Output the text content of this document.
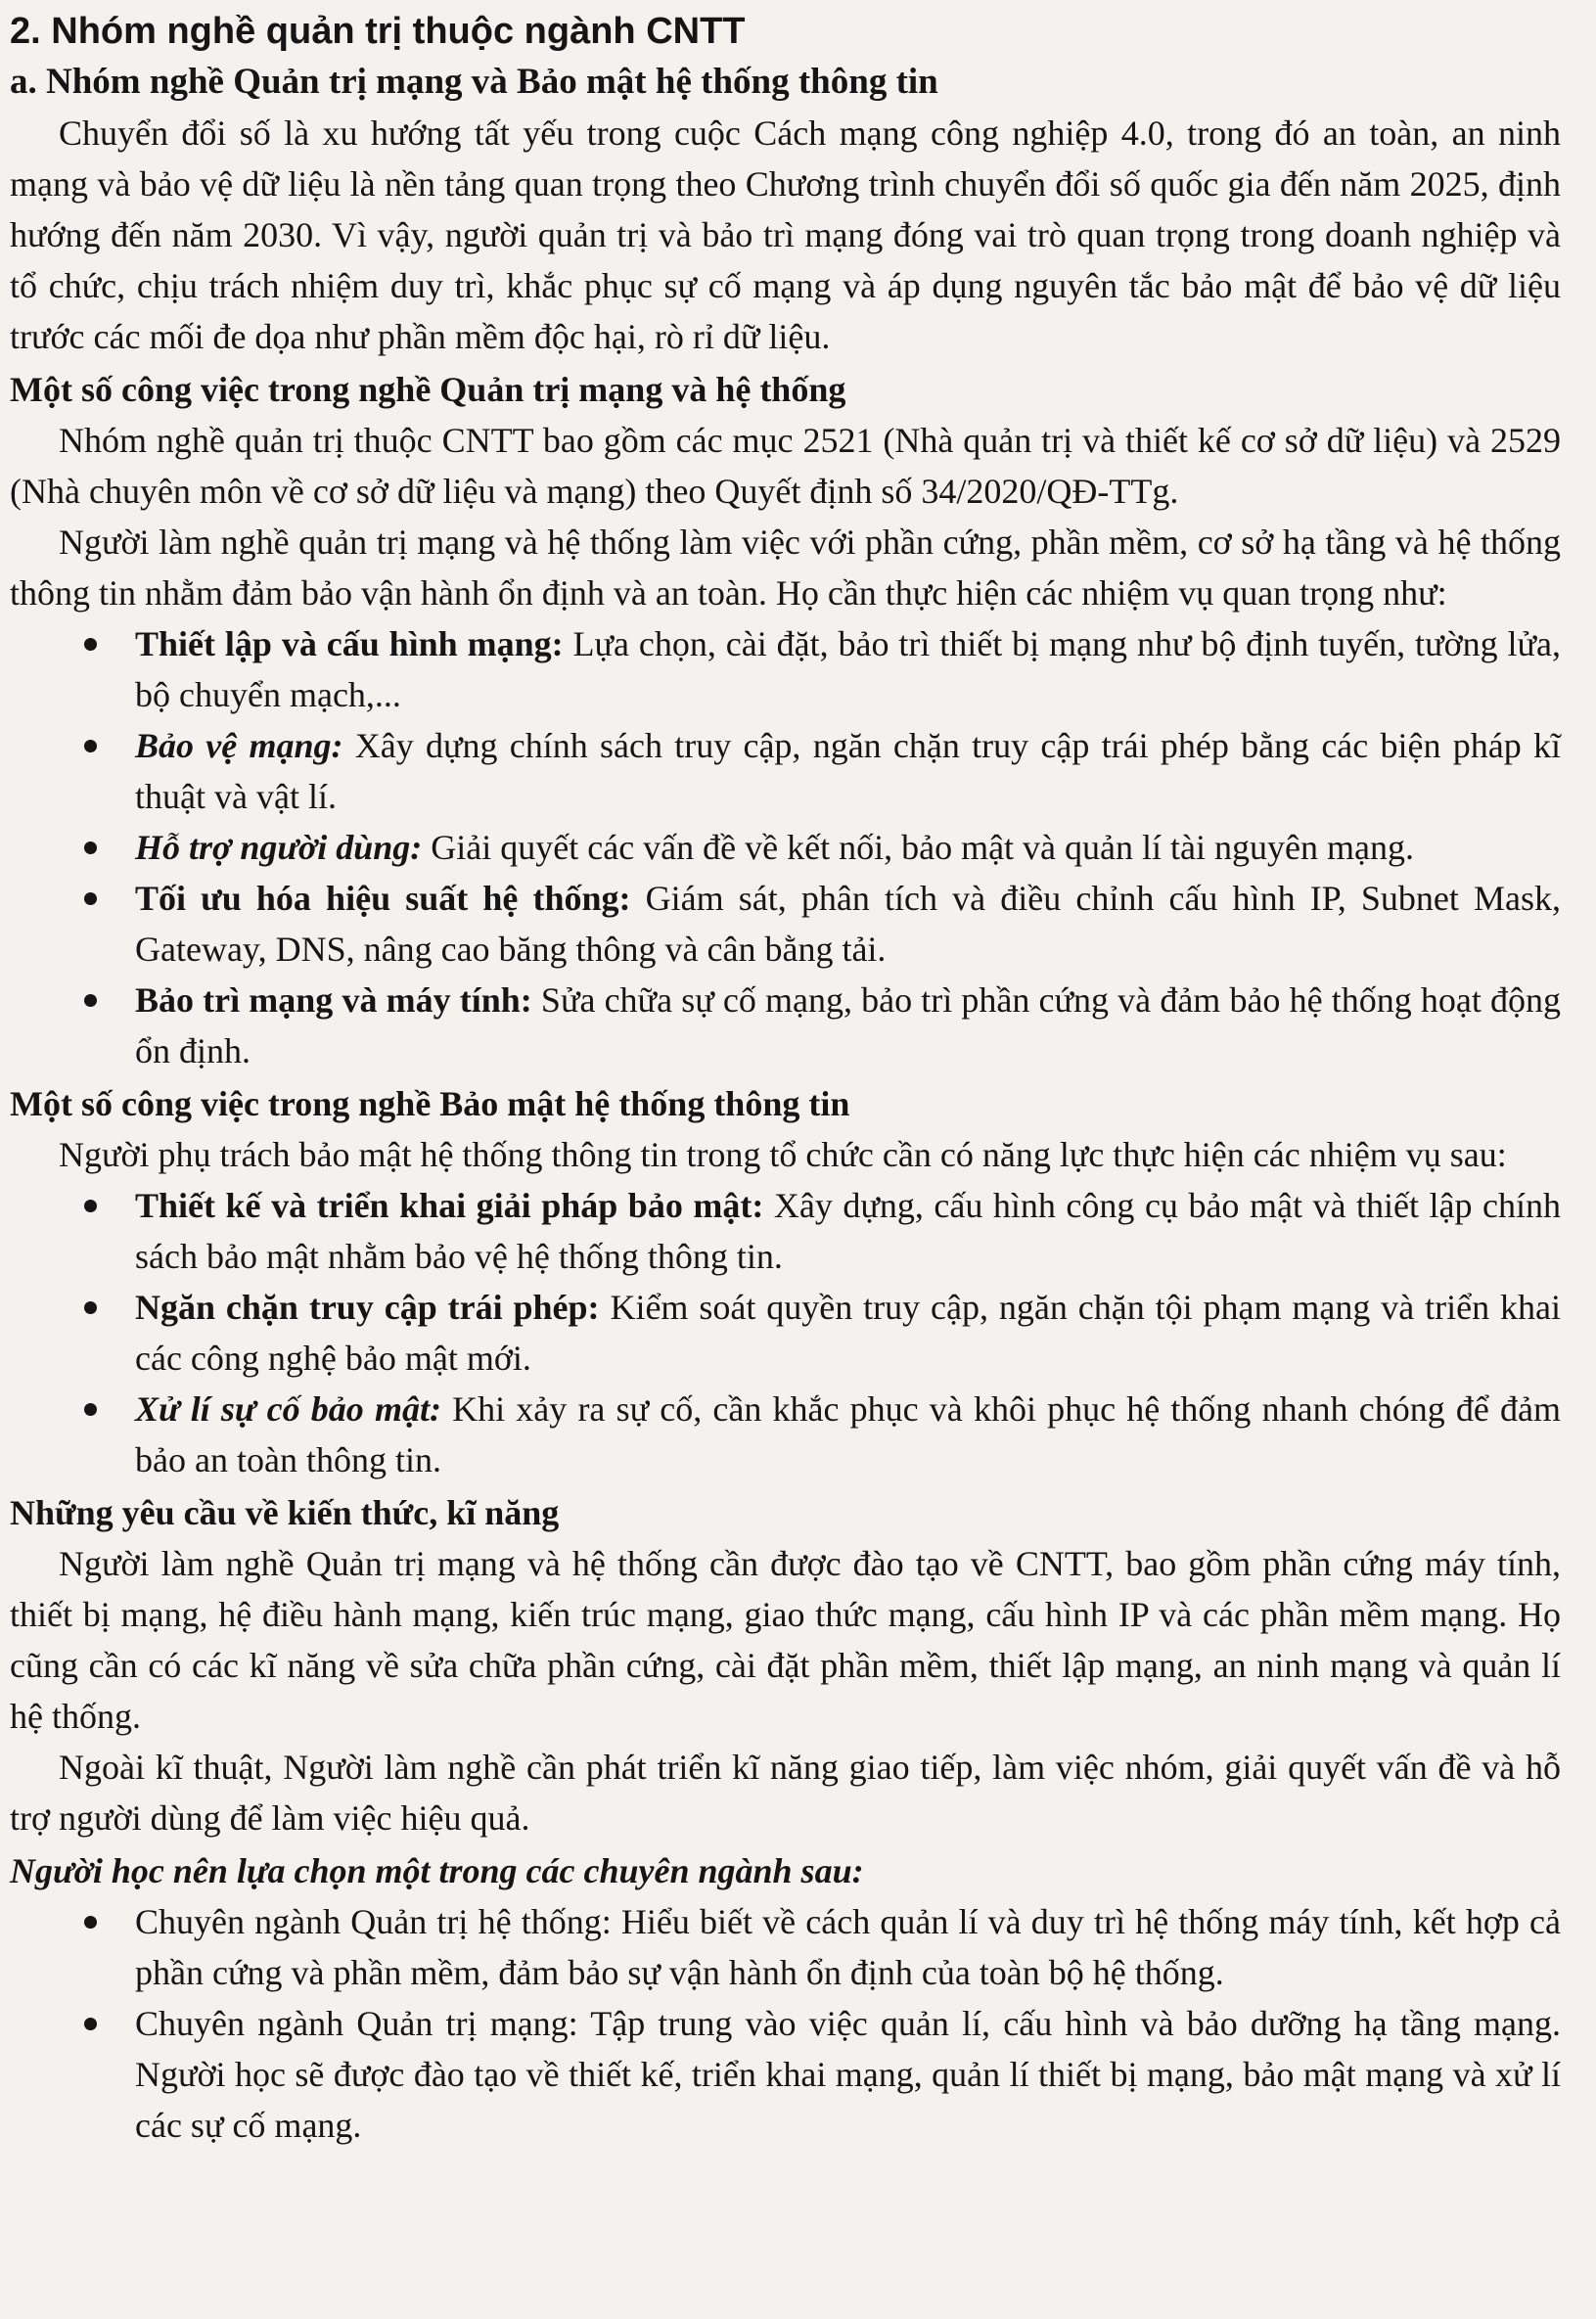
2. Nhóm nghề quản trị thuộc ngành CNTT
a. Nhóm nghề Quản trị mạng và Bảo mật hệ thống thông tin

Chuyển đổi số là xu hướng tất yếu trong cuộc Cách mạng công nghiệp 4.0, trong đó an toàn, an ninh mạng và bảo vệ dữ liệu là nền tảng quan trọng theo Chương trình chuyển đổi số quốc gia đến năm 2025, định hướng đến năm 2030. Vì vậy, người quản trị và bảo trì mạng đóng vai trò quan trọng trong doanh nghiệp và tổ chức, chịu trách nhiệm duy trì, khắc phục sự cố mạng và áp dụng nguyên tắc bảo mật để bảo vệ dữ liệu trước các mối đe dọa như phần mềm độc hại, rò rỉ dữ liệu.

Một số công việc trong nghề Quản trị mạng và hệ thống

Nhóm nghề quản trị thuộc CNTT bao gồm các mục 2521 (Nhà quản trị và thiết kế cơ sở dữ liệu) và 2529 (Nhà chuyên môn về cơ sở dữ liệu và mạng) theo Quyết định số 34/2020/QĐ-TTg.

Người làm nghề quản trị mạng và hệ thống làm việc với phần cứng, phần mềm, cơ sở hạ tầng và hệ thống thông tin nhằm đảm bảo vận hành ổn định và an toàn. Họ cần thực hiện các nhiệm vụ quan trọng như:

Thiết lập và cấu hình mạng: Lựa chọn, cài đặt, bảo trì thiết bị mạng như bộ định tuyến, tường lửa, bộ chuyển mạch,...
Bảo vệ mạng: Xây dựng chính sách truy cập, ngăn chặn truy cập trái phép bằng các biện pháp kĩ thuật và vật lí.
Hỗ trợ người dùng: Giải quyết các vấn đề về kết nối, bảo mật và quản lí tài nguyên mạng.
Tối ưu hóa hiệu suất hệ thống: Giám sát, phân tích và điều chỉnh cấu hình IP, Subnet Mask, Gateway, DNS, nâng cao băng thông và cân bằng tải.
Bảo trì mạng và máy tính: Sửa chữa sự cố mạng, bảo trì phần cứng và đảm bảo hệ thống hoạt động ổn định.
Một số công việc trong nghề Bảo mật hệ thống thông tin

Người phụ trách bảo mật hệ thống thông tin trong tổ chức cần có năng lực thực hiện các nhiệm vụ sau:

Thiết kế và triển khai giải pháp bảo mật: Xây dựng, cấu hình công cụ bảo mật và thiết lập chính sách bảo mật nhằm bảo vệ hệ thống thông tin.
Ngăn chặn truy cập trái phép: Kiểm soát quyền truy cập, ngăn chặn tội phạm mạng và triển khai các công nghệ bảo mật mới.
Xử lí sự cố bảo mật: Khi xảy ra sự cố, cần khắc phục và khôi phục hệ thống nhanh chóng để đảm bảo an toàn thông tin.
Những yêu cầu về kiến thức, kĩ năng

Người làm nghề Quản trị mạng và hệ thống cần được đào tạo về CNTT, bao gồm phần cứng máy tính, thiết bị mạng, hệ điều hành mạng, kiến trúc mạng, giao thức mạng, cấu hình IP và các phần mềm mạng. Họ cũng cần có các kĩ năng về sửa chữa phần cứng, cài đặt phần mềm, thiết lập mạng, an ninh mạng và quản lí hệ thống.

Ngoài kĩ thuật, Người làm nghề cần phát triển kĩ năng giao tiếp, làm việc nhóm, giải quyết vấn đề và hỗ trợ người dùng để làm việc hiệu quả.

Người học nên lựa chọn một trong các chuyên ngành sau:
Chuyên ngành Quản trị hệ thống: Hiểu biết về cách quản lí và duy trì hệ thống máy tính, kết hợp cả phần cứng và phần mềm, đảm bảo sự vận hành ổn định của toàn bộ hệ thống.
Chuyên ngành Quản trị mạng: Tập trung vào việc quản lí, cấu hình và bảo dưỡng hạ tầng mạng. Người học sẽ được đào tạo về thiết kế, triển khai mạng, quản lí thiết bị mạng, bảo mật mạng và xử lí các sự cố mạng.
